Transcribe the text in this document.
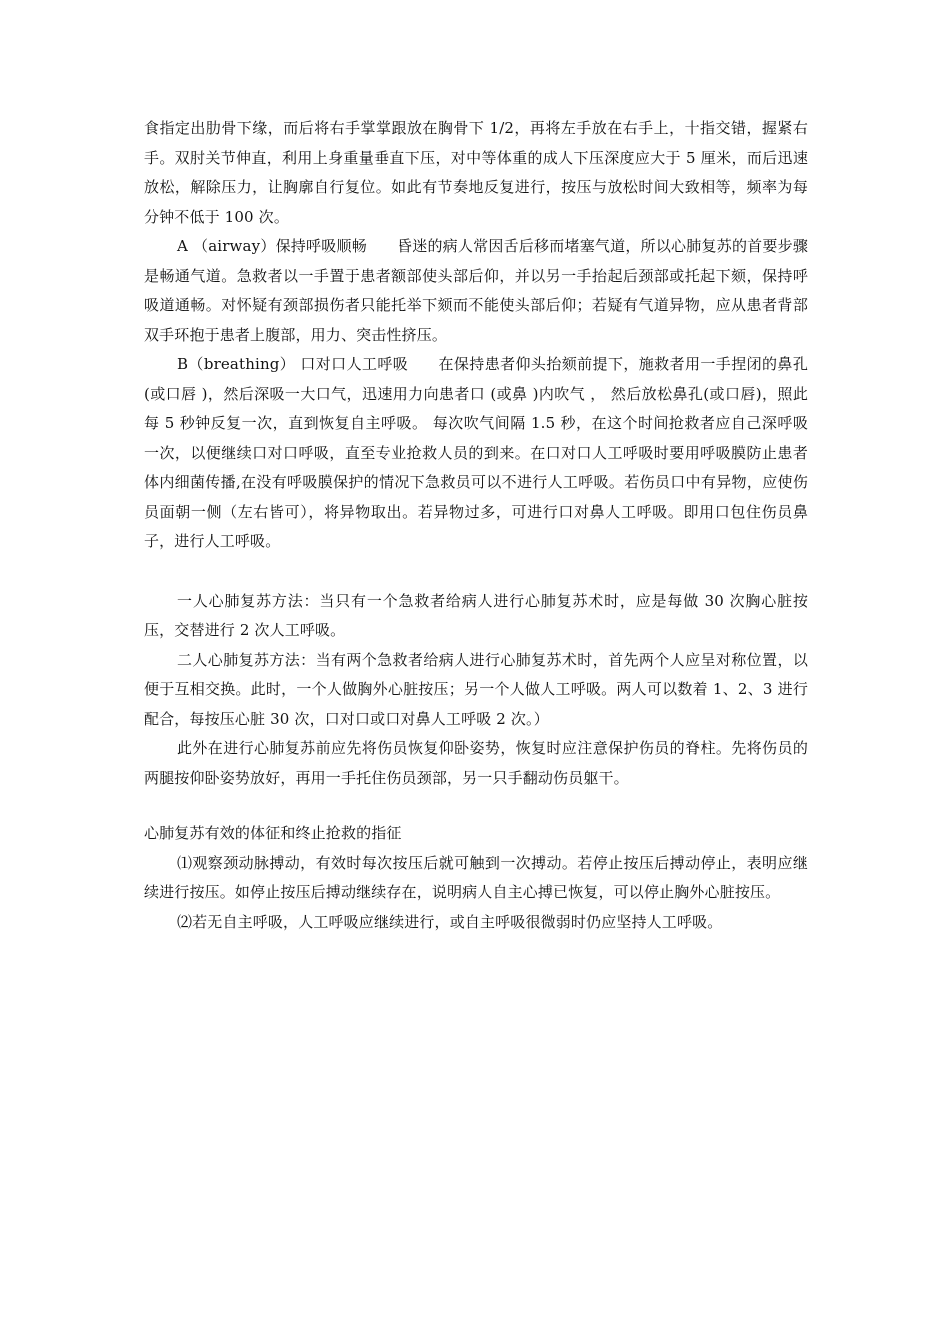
食指定出肋骨下缘，而后将右手掌掌跟放在胸骨下 1/2，再将左手放在右手上，十指交错，握紧右手。双肘关节伸直，利用上身重量垂直下压，对中等体重的成人下压深度应大于 5 厘米，而后迅速放松，解除压力，让胸廓自行复位。如此有节奏地反复进行，按压与放松时间大致相等，频率为每分钟不低于 100 次。

A （airway）保持呼吸顺畅 昏迷的病人常因舌后移而堵塞气道，所以心肺复苏的首要步骤是畅通气道。急救者以一手置于患者额部使头部后仰，并以另一手抬起后颈部或托起下颏，保持呼吸道通畅。对怀疑有颈部损伤者只能托举下颏而不能使头部后仰；若疑有气道异物，应从患者背部双手环抱于患者上腹部，用力、突击性挤压。

B（breathing） 口对口人工呼吸 在保持患者仰头抬颏前提下，施救者用一手捏闭的鼻孔 (或口唇 )，然后深吸一大口气，迅速用力向患者口 (或鼻 )内吹气 ， 然后放松鼻孔(或口唇)，照此每 5 秒钟反复一次，直到恢复自主呼吸。 每次吹气间隔 1.5 秒，在这个时间抢救者应自己深呼吸一次，以便继续口对口呼吸，直至专业抢救人员的到来。在口对口人工呼吸时要用呼吸膜防止患者体内细菌传播,在没有呼吸膜保护的情况下急救员可以不进行人工呼吸。若伤员口中有异物，应使伤员面朝一侧（左右皆可），将异物取出。若异物过多，可进行口对鼻人工呼吸。即用口包住伤员鼻子，进行人工呼吸。

一人心肺复苏方法：当只有一个急救者给病人进行心肺复苏术时，应是每做 30 次胸心脏按压，交替进行 2 次人工呼吸。

二人心肺复苏方法：当有两个急救者给病人进行心肺复苏术时，首先两个人应呈对称位置，以便于互相交换。此时，一个人做胸外心脏按压；另一个人做人工呼吸。两人可以数着 1、2、3 进行配合，每按压心脏 30 次，口对口或口对鼻人工呼吸 2 次。）

此外在进行心肺复苏前应先将伤员恢复仰卧姿势，恢复时应注意保护伤员的脊柱。先将伤员的两腿按仰卧姿势放好，再用一手托住伤员颈部，另一只手翻动伤员躯干。

心肺复苏有效的体征和终止抢救的指征

⑴观察颈动脉搏动，有效时每次按压后就可触到一次搏动。若停止按压后搏动停止，表明应继续进行按压。如停止按压后搏动继续存在，说明病人自主心搏已恢复，可以停止胸外心脏按压。

⑵若无自主呼吸，人工呼吸应继续进行，或自主呼吸很微弱时仍应坚持人工呼吸。
